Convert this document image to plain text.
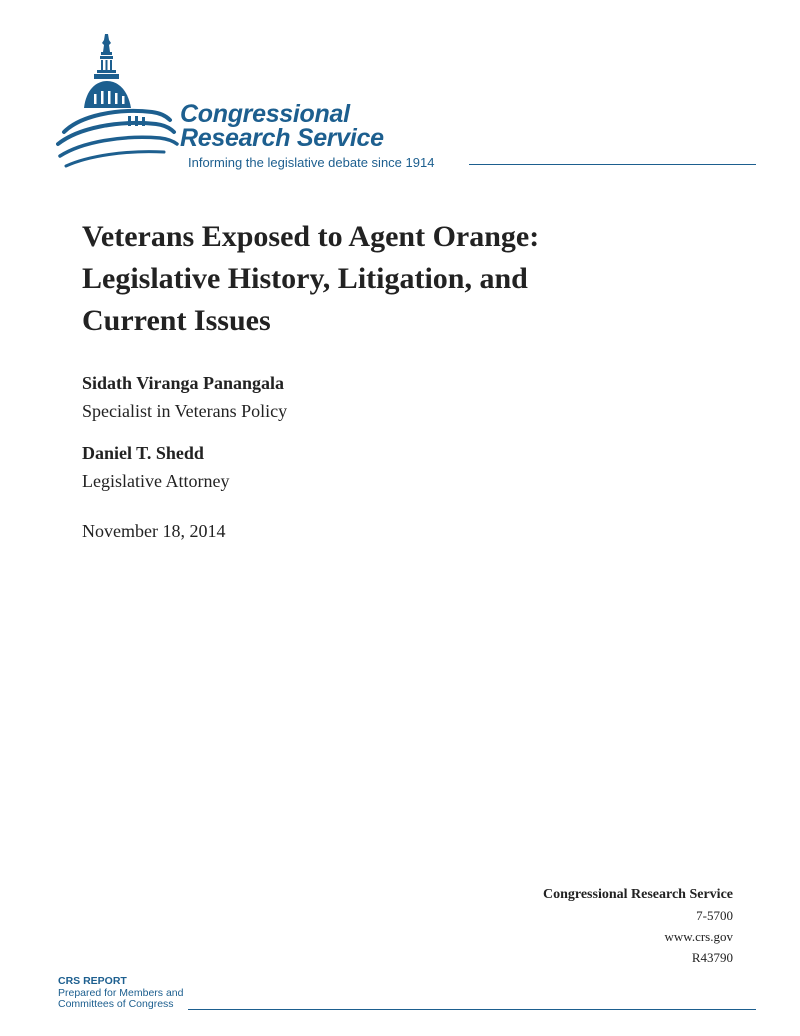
Congressional
Research Service
Informing the legislative debate since 1914
Veterans Exposed to Agent Orange:
Legislative History, Litigation, and
Current Issues
Sidath Viranga Panangala
Specialist in Veterans Policy
Daniel T. Shedd
Legislative Attorney
November 18, 2014
Congressional Research Service
7-5700
www.crs.gov
R43790
CRS REPORT
Prepared for Members and
Committees of Congress
